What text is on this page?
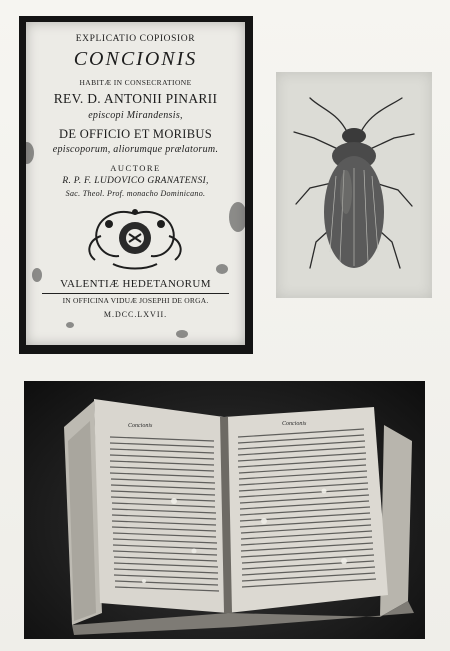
EXPLICATIO COPIOSIOR
CONCIONIS
HABITÆ IN CONSECRATIONE
REV. D. ANTONII PINARII
episcopi Mirandensis,
DE OFFICIO ET MORIBUS
episcoporum, aliorumque prælatorum.
AUCTORE
R. P. F. LUDOVICO GRANATENSI,
Sac. Theol. Prof. monacho Dominicano.
VALENTIÆ HEDETANORUM
IN OFFICINA VIDUÆ JOSEPHI DE ORGA.
M.DCC.LXVII.
Concionis	Concionis
